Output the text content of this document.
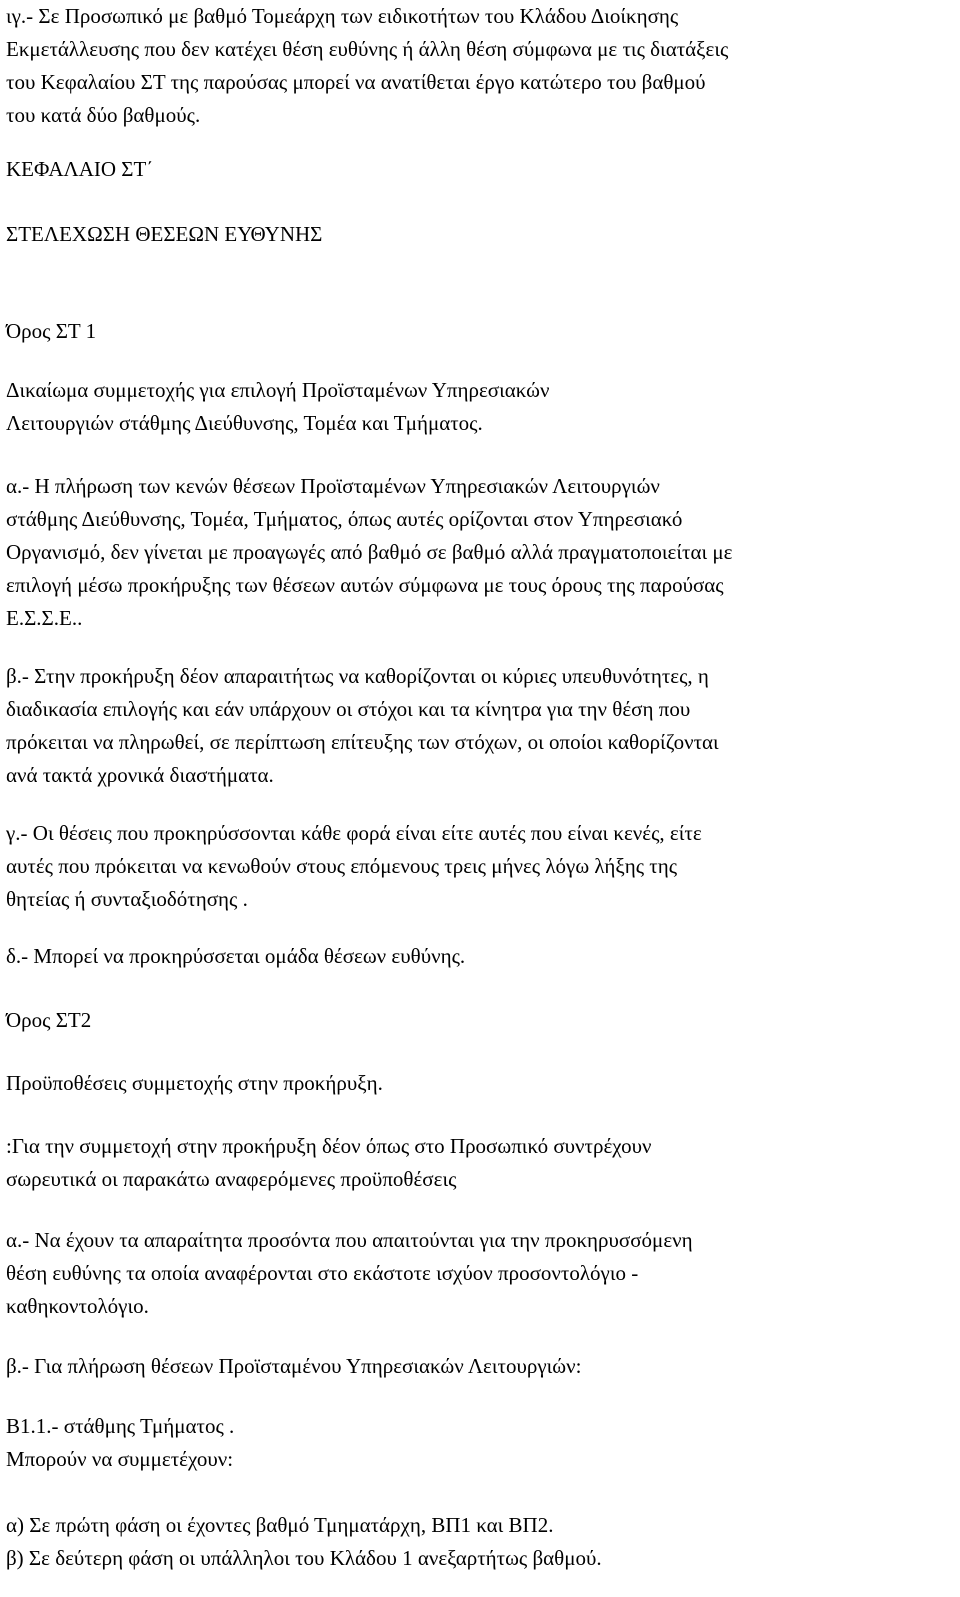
ιγ.- Σε Προσωπικό με βαθμό Τομεάρχη των ειδικοτήτων του Κλάδου Διοίκησης
Εκμετάλλευσης που δεν κατέχει θέση ευθύνης ή άλλη θέση σύμφωνα με τις διατάξεις
του Κεφαλαίου ΣΤ της παρούσας μπορεί να ανατίθεται έργο κατώτερο του βαθμού
του κατά δύο βαθμούς.
ΚΕΦΑΛΑΙΟ ΣΤ΄
ΣΤΕΛΕΧΩΣΗ ΘΕΣΕΩΝ ΕΥΘΥΝΗΣ
Όρος ΣΤ 1
Δικαίωμα συμμετοχής για επιλογή Προϊσταμένων Υπηρεσιακών
Λειτουργιών στάθμης Διεύθυνσης, Τομέα και Τμήματος.
α.- Η πλήρωση των κενών θέσεων Προϊσταμένων Υπηρεσιακών Λειτουργιών
στάθμης Διεύθυνσης, Τομέα, Τμήματος, όπως αυτές ορίζονται στον Υπηρεσιακό
Οργανισμό, δεν γίνεται με προαγωγές από βαθμό σε βαθμό αλλά πραγματοποιείται με
επιλογή μέσω προκήρυξης των θέσεων αυτών σύμφωνα με τους όρους της παρούσας
Ε.Σ.Σ.Ε..
β.- Στην προκήρυξη δέον απαραιτήτως να καθορίζονται οι κύριες υπευθυνότητες, η
διαδικασία επιλογής και εάν υπάρχουν οι στόχοι και τα κίνητρα για την θέση που
πρόκειται να πληρωθεί, σε περίπτωση επίτευξης των στόχων, οι οποίοι καθορίζονται
ανά τακτά χρονικά διαστήματα.
γ.- Οι θέσεις που προκηρύσσονται κάθε φορά είναι είτε αυτές που είναι κενές, είτε
αυτές που πρόκειται να κενωθούν στους επόμενους τρεις μήνες λόγω λήξης της
θητείας ή συνταξιοδότησης .
δ.- Μπορεί να προκηρύσσεται ομάδα θέσεων ευθύνης.
Όρος ΣΤ2
Προϋποθέσεις συμμετοχής στην προκήρυξη.
:Για την συμμετοχή στην προκήρυξη δέον όπως στο Προσωπικό συντρέχουν
σωρευτικά οι παρακάτω αναφερόμενες προϋποθέσεις
α.- Να έχουν τα απαραίτητα προσόντα που απαιτούνται για την προκηρυσσόμενη
θέση ευθύνης τα οποία αναφέρονται στο εκάστοτε ισχύον προσοντολόγιο -
καθηκοντολόγιο.
β.- Για πλήρωση θέσεων Προϊσταμένου Υπηρεσιακών Λειτουργιών:
Β1.1.- στάθμης Τμήματος .
Μπορούν να συμμετέχουν:
α) Σε πρώτη φάση οι έχοντες βαθμό Τμηματάρχη, ΒΠ1 και ΒΠ2.
β) Σε δεύτερη φάση οι υπάλληλοι του Κλάδου 1 ανεξαρτήτως βαθμού.
